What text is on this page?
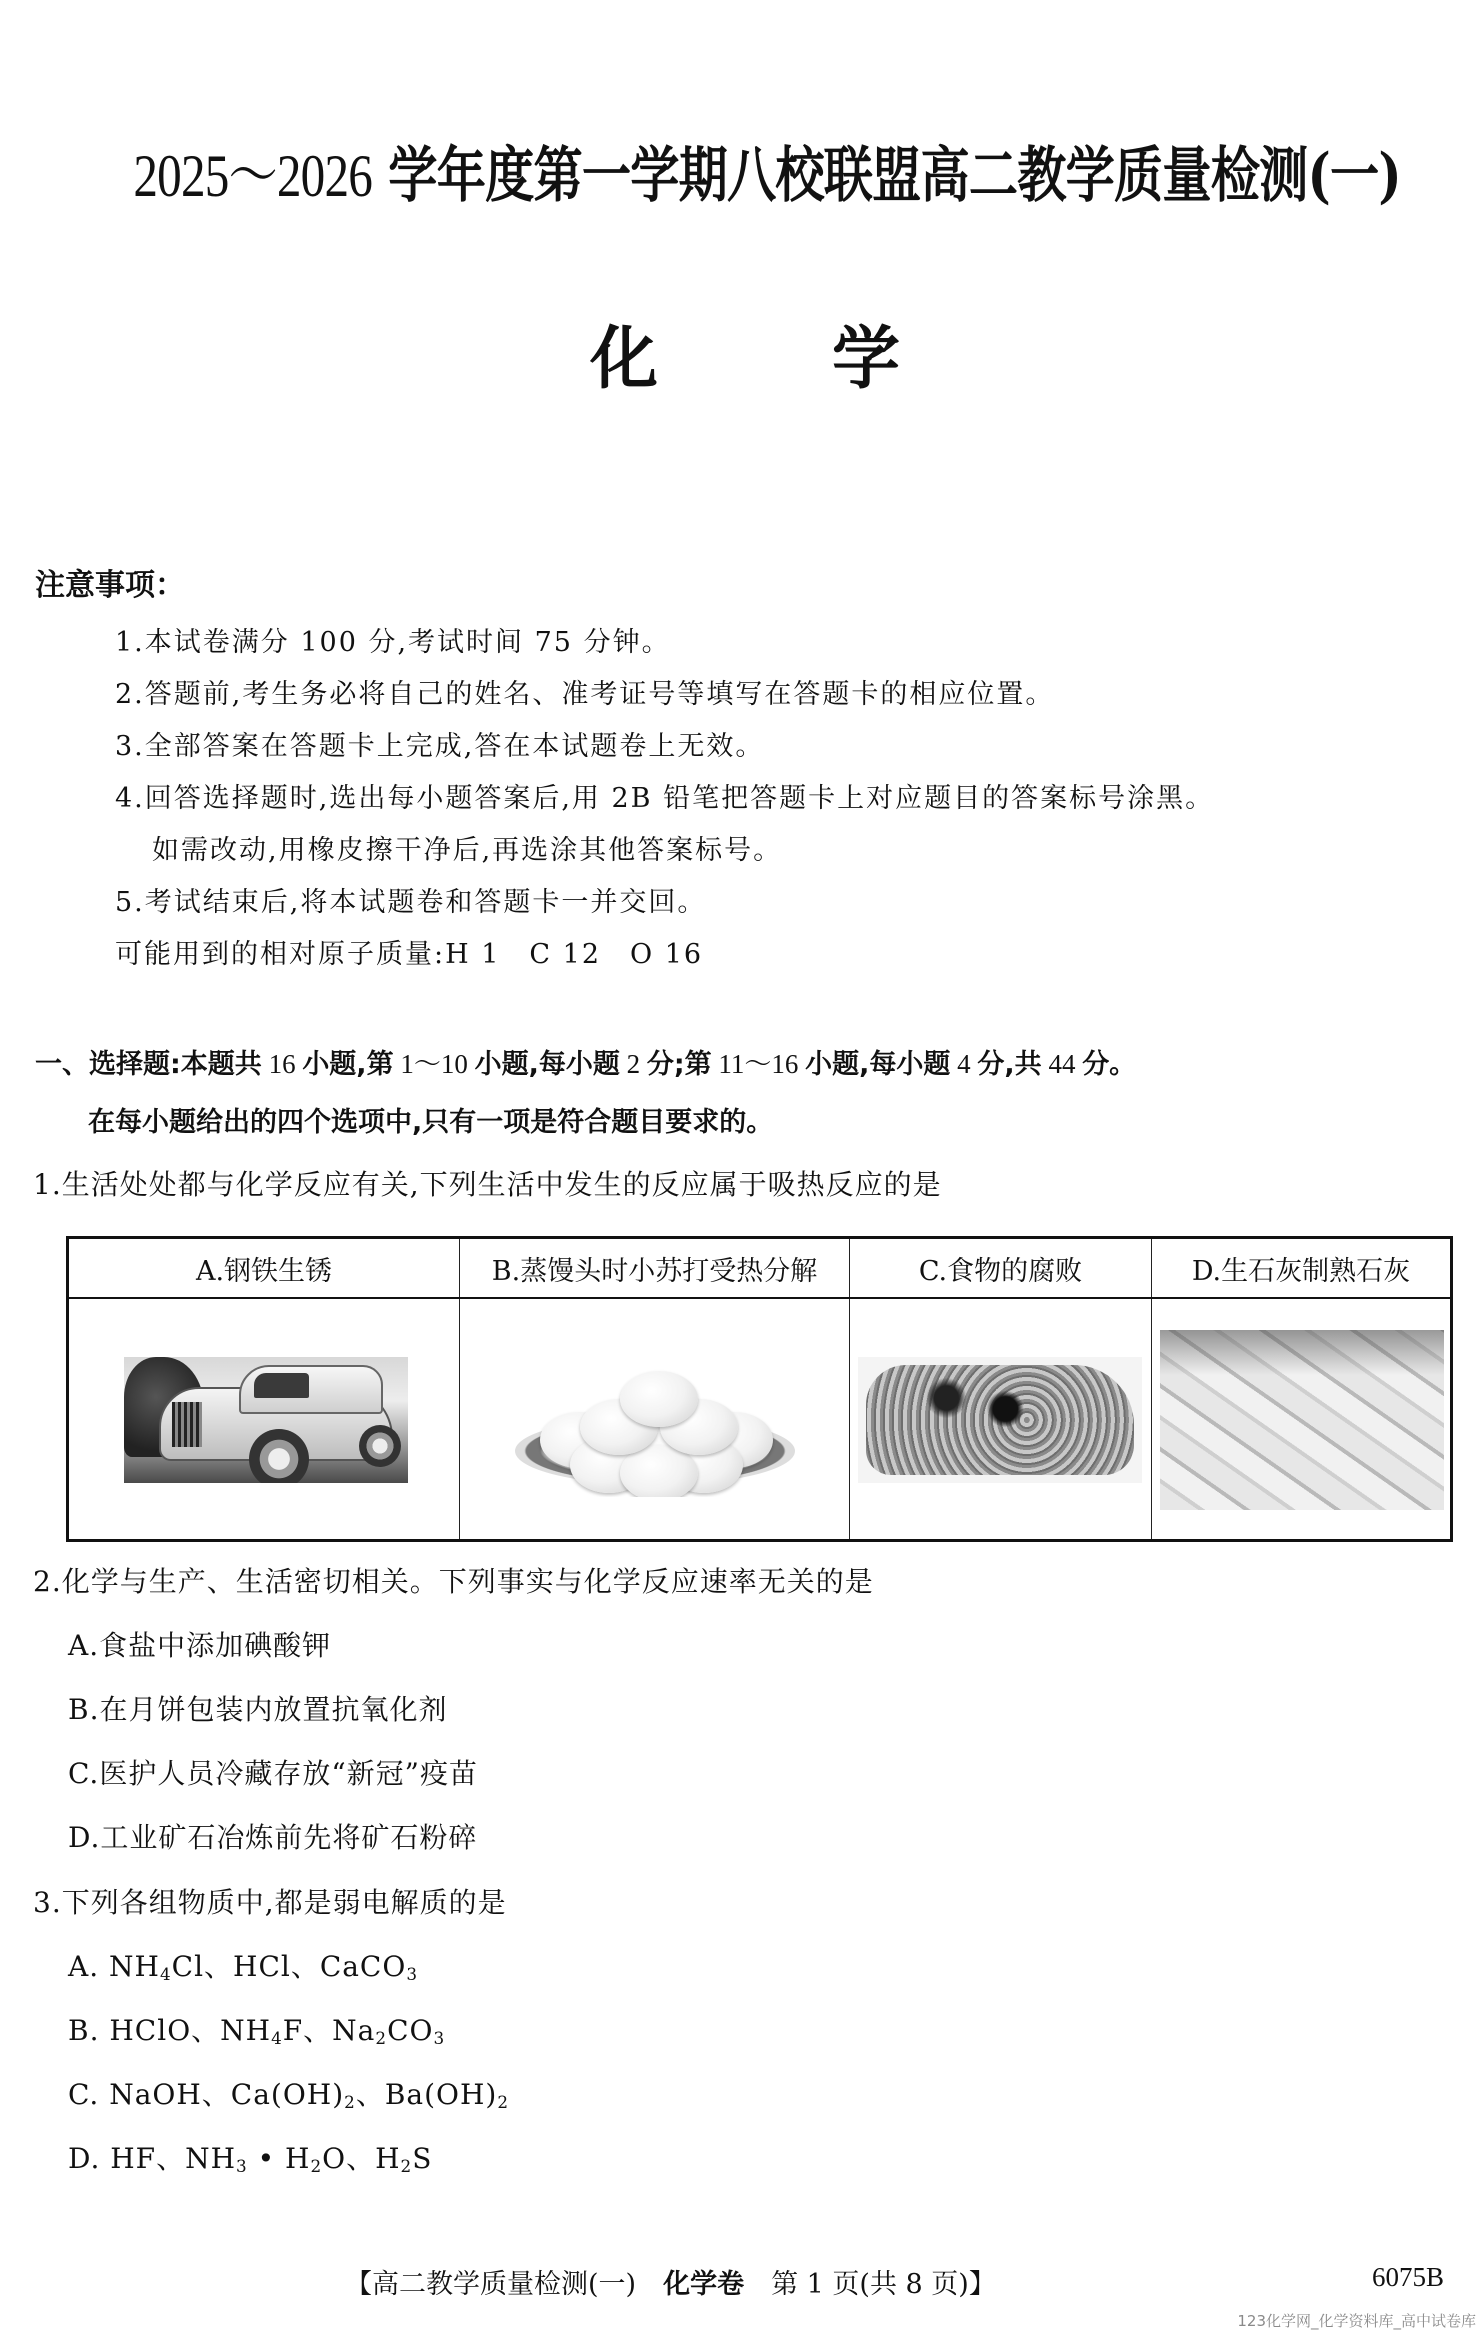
2025～2026 学年度第一学期八校联盟高二教学质量检测(一)
化	学
注意事项：
1.本试卷满分 100 分,考试时间 75 分钟。
2.答题前,考生务必将自己的姓名、准考证号等填写在答题卡的相应位置。
3.全部答案在答题卡上完成,答在本试题卷上无效。
4.回答选择题时,选出每小题答案后,用 2B 铅笔把答题卡上对应题目的答案标号涂黑。
如需改动,用橡皮擦干净后,再选涂其他答案标号。
5.考试结束后,将本试题卷和答题卡一并交回。
可能用到的相对原子质量:H 1　C 12　O 16
一、选择题:本题共 16 小题,第 1～10 小题,每小题 2 分;第 11～16 小题,每小题 4 分,共 44 分。
在每小题给出的四个选项中,只有一项是符合题目要求的。
1.生活处处都与化学反应有关,下列生活中发生的反应属于吸热反应的是
A.钢铁生锈	B.蒸馒头时小苏打受热分解	C.食物的腐败	D.生石灰制熟石灰

2.化学与生产、生活密切相关。下列事实与化学反应速率无关的是
A.食盐中添加碘酸钾
B.在月饼包装内放置抗氧化剂
C.医护人员冷藏存放“新冠”疫苗
D.工业矿石冶炼前先将矿石粉碎
3.下列各组物质中,都是弱电解质的是
A. $NH_4Cl$、HCl、CaCO$_3$
B. HClO、$NH_4F$、$Na_2CO_3$
C. NaOH、$Ca(OH)_2$、$Ba(OH)_2$
D. HF、$NH_3$ • $H_2O$、$H_2S$
【高二教学质量检测(一)　化学卷　第 1 页(共 8 页)】	6075B
123化学网_化学资料库_高中试卷库
